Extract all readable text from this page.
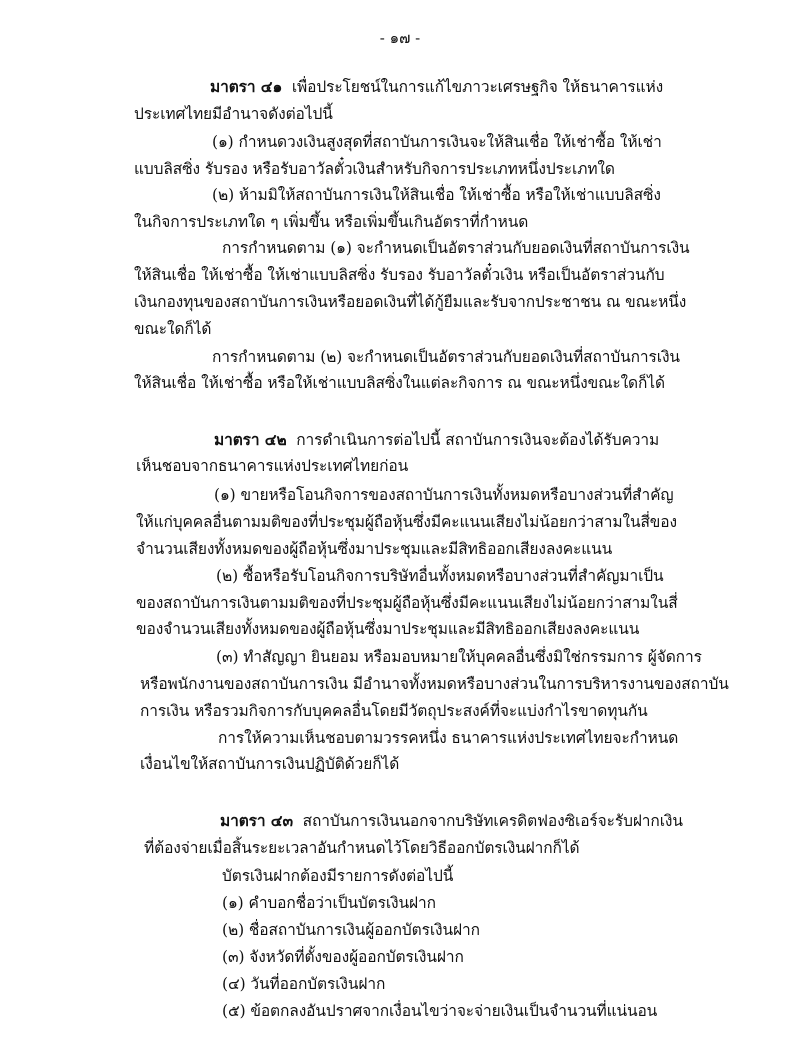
- ๑๗ -
มาตรา ๔๑ เพื่อประโยชน์ในการแก้ไขภาวะเศรษฐกิจ ให้ธนาคารแห่ง
ประเทศไทยมีอำนาจดังต่อไปนี้
(๑) กำหนดวงเงินสูงสุดที่สถาบันการเงินจะให้สินเชื่อ ให้เช่าซื้อ ให้เช่า
แบบลิสซิ่ง รับรอง หรือรับอาวัลตั๋วเงินสำหรับกิจการประเภทหนึ่งประเภทใด
(๒) ห้ามมิให้สถาบันการเงินให้สินเชื่อ ให้เช่าซื้อ หรือให้เช่าแบบลิสซิ่ง
ในกิจการประเภทใด ๆ เพิ่มขึ้น หรือเพิ่มขึ้นเกินอัตราที่กำหนด
การกำหนดตาม (๑) จะกำหนดเป็นอัตราส่วนกับยอดเงินที่สถาบันการเงิน
ให้สินเชื่อ ให้เช่าซื้อ ให้เช่าแบบลิสซิ่ง รับรอง รับอาวัลตั๋วเงิน หรือเป็นอัตราส่วนกับ
เงินกองทุนของสถาบันการเงินหรือยอดเงินที่ได้กู้ยืมและรับจากประชาชน ณ ขณะหนึ่ง
ขณะใดก็ได้
การกำหนดตาม (๒) จะกำหนดเป็นอัตราส่วนกับยอดเงินที่สถาบันการเงิน
ให้สินเชื่อ ให้เช่าซื้อ หรือให้เช่าแบบลิสซิ่งในแต่ละกิจการ ณ ขณะหนึ่งขณะใดก็ได้
มาตรา ๔๒ การดำเนินการต่อไปนี้ สถาบันการเงินจะต้องได้รับความ
เห็นชอบจากธนาคารแห่งประเทศไทยก่อน
(๑) ขายหรือโอนกิจการของสถาบันการเงินทั้งหมดหรือบางส่วนที่สำคัญ
ให้แก่บุคคลอื่นตามมติของที่ประชุมผู้ถือหุ้นซึ่งมีคะแนนเสียงไม่น้อยกว่าสามในสี่ของ
จำนวนเสียงทั้งหมดของผู้ถือหุ้นซึ่งมาประชุมและมีสิทธิออกเสียงลงคะแนน
(๒) ซื้อหรือรับโอนกิจการบริษัทอื่นทั้งหมดหรือบางส่วนที่สำคัญมาเป็น
ของสถาบันการเงินตามมติของที่ประชุมผู้ถือหุ้นซึ่งมีคะแนนเสียงไม่น้อยกว่าสามในสี่
ของจำนวนเสียงทั้งหมดของผู้ถือหุ้นซึ่งมาประชุมและมีสิทธิออกเสียงลงคะแนน
(๓) ทำสัญญา ยินยอม หรือมอบหมายให้บุคคลอื่นซึ่งมิใช่กรรมการ ผู้จัดการ
หรือพนักงานของสถาบันการเงิน มีอำนาจทั้งหมดหรือบางส่วนในการบริหารงานของสถาบัน
การเงิน หรือรวมกิจการกับบุคคลอื่นโดยมีวัตถุประสงค์ที่จะแบ่งกำไรขาดทุนกัน
การให้ความเห็นชอบตามวรรคหนึ่ง ธนาคารแห่งประเทศไทยจะกำหนด
เงื่อนไขให้สถาบันการเงินปฏิบัติด้วยก็ได้
มาตรา ๔๓ สถาบันการเงินนอกจากบริษัทเครดิตฟองซิเอร์จะรับฝากเงิน
ที่ต้องจ่ายเมื่อสิ้นระยะเวลาอันกำหนดไว้โดยวิธีออกบัตรเงินฝากก็ได้
บัตรเงินฝากต้องมีรายการดังต่อไปนี้
(๑) คำบอกชื่อว่าเป็นบัตรเงินฝาก
(๒) ชื่อสถาบันการเงินผู้ออกบัตรเงินฝาก
(๓) จังหวัดที่ตั้งของผู้ออกบัตรเงินฝาก
(๔) วันที่ออกบัตรเงินฝาก
(๕) ข้อตกลงอันปราศจากเงื่อนไขว่าจะจ่ายเงินเป็นจำนวนที่แน่นอน
